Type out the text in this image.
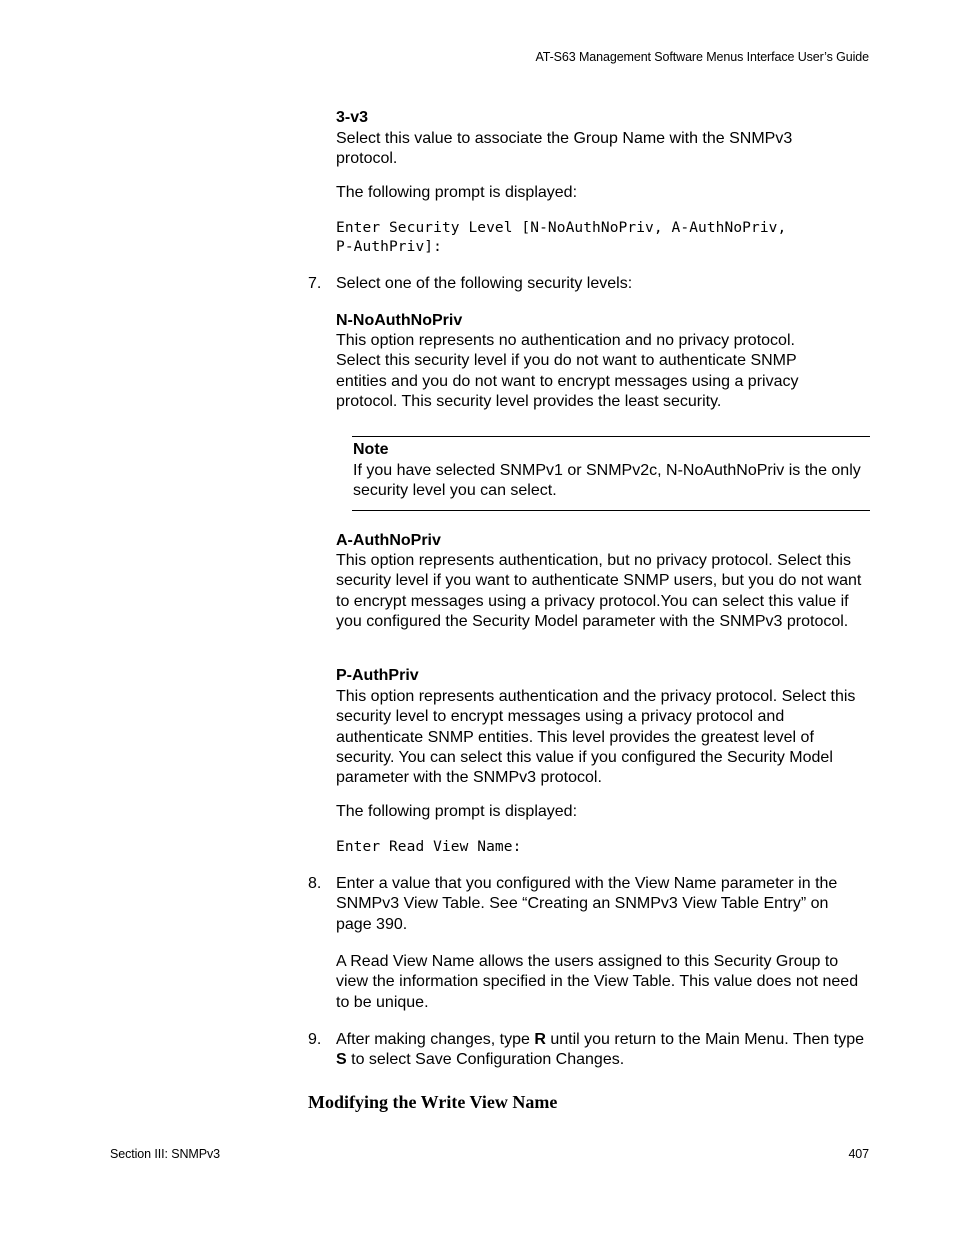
AT-S63 Management Software Menus Interface User’s Guide
3-v3

Select this value to associate the Group Name with the SNMPv3 protocol.

The following prompt is displayed:

Enter Security Level [N-NoAuthNoPriv, A-AuthNoPriv,
P-AuthPriv]:
7. Select one of the following security levels:

N-NoAuthNoPriv

This option represents no authentication and no privacy protocol. Select this security level if you do not want to authenticate SNMP entities and you do not want to encrypt messages using a privacy protocol. This security level provides the least security.

Note

If you have selected SNMPv1 or SNMPv2c, N-NoAuthNoPriv is the only security level you can select.

A-AuthNoPriv

This option represents authentication, but no privacy protocol. Select this security level if you want to authenticate SNMP users, but you do not want to encrypt messages using a privacy protocol.You can select this value if you configured the Security Model parameter with the SNMPv3 protocol.

P-AuthPriv

This option represents authentication and the privacy protocol. Select this security level to encrypt messages using a privacy protocol and authenticate SNMP entities. This level provides the greatest level of security. You can select this value if you configured the Security Model parameter with the SNMPv3 protocol.

The following prompt is displayed:

Enter Read View Name:
8. Enter a value that you configured with the View Name parameter in the SNMPv3 View Table. See “Creating an SNMPv3 View Table Entry” on page 390.

A Read View Name allows the users assigned to this Security Group to view the information specified in the View Table. This value does not need to be unique.

9. After making changes, type R until you return to the Main Menu. Then type S to select Save Configuration Changes.

Modifying the Write View Name
Section III: SNMPv3	407
